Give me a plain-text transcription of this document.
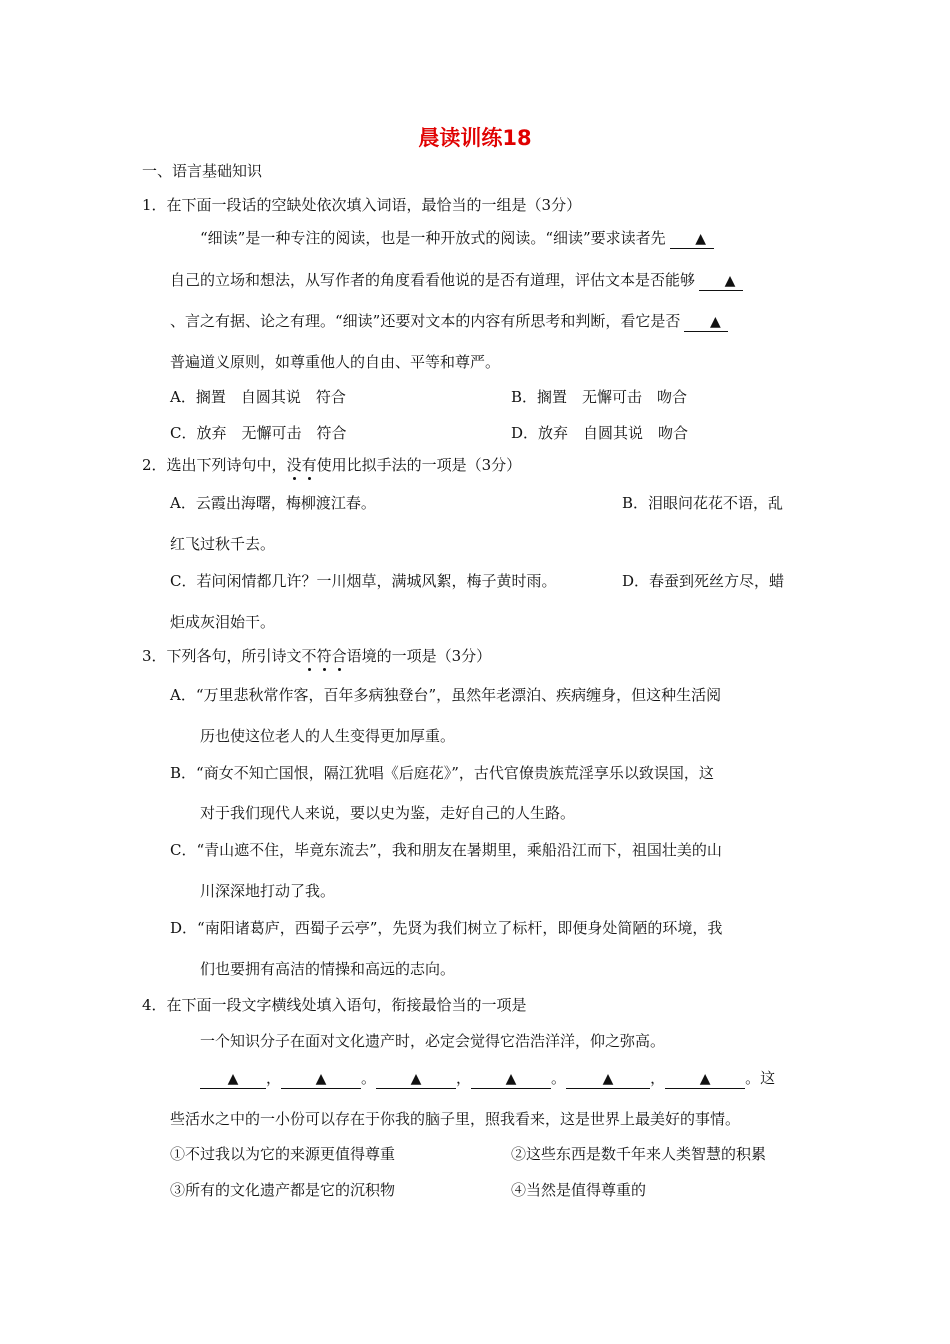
晨读训练18
一、语言基础知识
1．在下面一段话的空缺处依次填入词语，最恰当的一组是（3分）
“细读”是一种专注的阅读，也是一种开放式的阅读。“细读”要求读者先 ▲
自己的立场和想法，从写作者的角度看看他说的是否有道理，评估文本是否能够 ▲
、言之有据、论之有理。“细读”还要对文本的内容有所思考和判断，看它是否 ▲
普遍道义原则，如尊重他人的自由、平等和尊严。
A．搁置　自圆其说　符合	B．搁置　无懈可击　吻合
C．放弃　无懈可击　符合	D．放弃　自圆其说　吻合
2．选出下列诗句中，没有使用比拟手法的一项是（3分）
A．云霞出海曙，梅柳渡江春。	B．泪眼问花花不语，乱
红飞过秋千去。
C．若问闲情都几许？一川烟草，满城风絮，梅子黄时雨。	D．春蚕到死丝方尽，蜡
炬成灰泪始干。
3．下列各句，所引诗文不符合语境的一项是（3分）
A．“万里悲秋常作客，百年多病独登台”，虽然年老漂泊、疾病缠身，但这种生活阅
历也使这位老人的人生变得更加厚重。
B．“商女不知亡国恨，隔江犹唱《后庭花》”，古代官僚贵族荒淫享乐以致误国，这
对于我们现代人来说，要以史为鉴，走好自己的人生路。
C．“青山遮不住，毕竟东流去”，我和朋友在暑期里，乘船沿江而下，祖国壮美的山
川深深地打动了我。
D．“南阳诸葛庐，西蜀子云亭”，先贤为我们树立了标杆，即便身处简陋的环境，我
们也要拥有高洁的情操和高远的志向。
4．在下面一段文字横线处填入语句，衔接最恰当的一项是
一个知识分子在面对文化遗产时，必定会觉得它浩浩洋洋，仰之弥高。
▲ ， ▲ 。 ▲ ， ▲ 。	▲ ， ▲ 。这
些活水之中的一小份可以存在于你我的脑子里，照我看来，这是世界上最美好的事情。
①不过我以为它的来源更值得尊重	②这些东西是数千年来人类智慧的积累
③所有的文化遗产都是它的沉积物	④当然是值得尊重的
